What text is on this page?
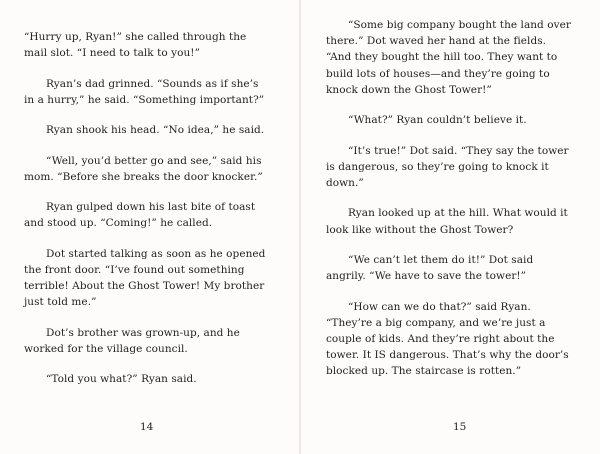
“Hurry up, Ryan!” she called through the mail slot. “I need to talk to you!”

Ryan’s dad grinned. “Sounds as if she’s in a hurry,” he said. “Something important?”

Ryan shook his head. “No idea,” he said.

“Well, you’d better go and see,” said his mom. “Before she breaks the door knocker.”

Ryan gulped down his last bite of toast and stood up. “Coming!” he called.

Dot started talking as soon as he opened the front door. “I’ve found out something terrible! About the Ghost Tower! My brother just told me.”

Dot’s brother was grown-up, and he worked for the village council.

“Told you what?” Ryan said.

14

“Some big company bought the land over there.” Dot waved her hand at the fields. “And they bought the hill too. They want to build lots of houses—and they’re going to knock down the Ghost Tower!”

“What?” Ryan couldn’t believe it.

“It’s true!” Dot said. “They say the tower is dangerous, so they’re going to knock it down.”

Ryan looked up at the hill. What would it look like without the Ghost Tower?

“We can’t let them do it!” Dot said angrily. “We have to save the tower!”

“How can we do that?” said Ryan. “They’re a big company, and we’re just a couple of kids. And they’re right about the tower. It IS dangerous. That’s why the door’s blocked up. The staircase is rotten.”

15
